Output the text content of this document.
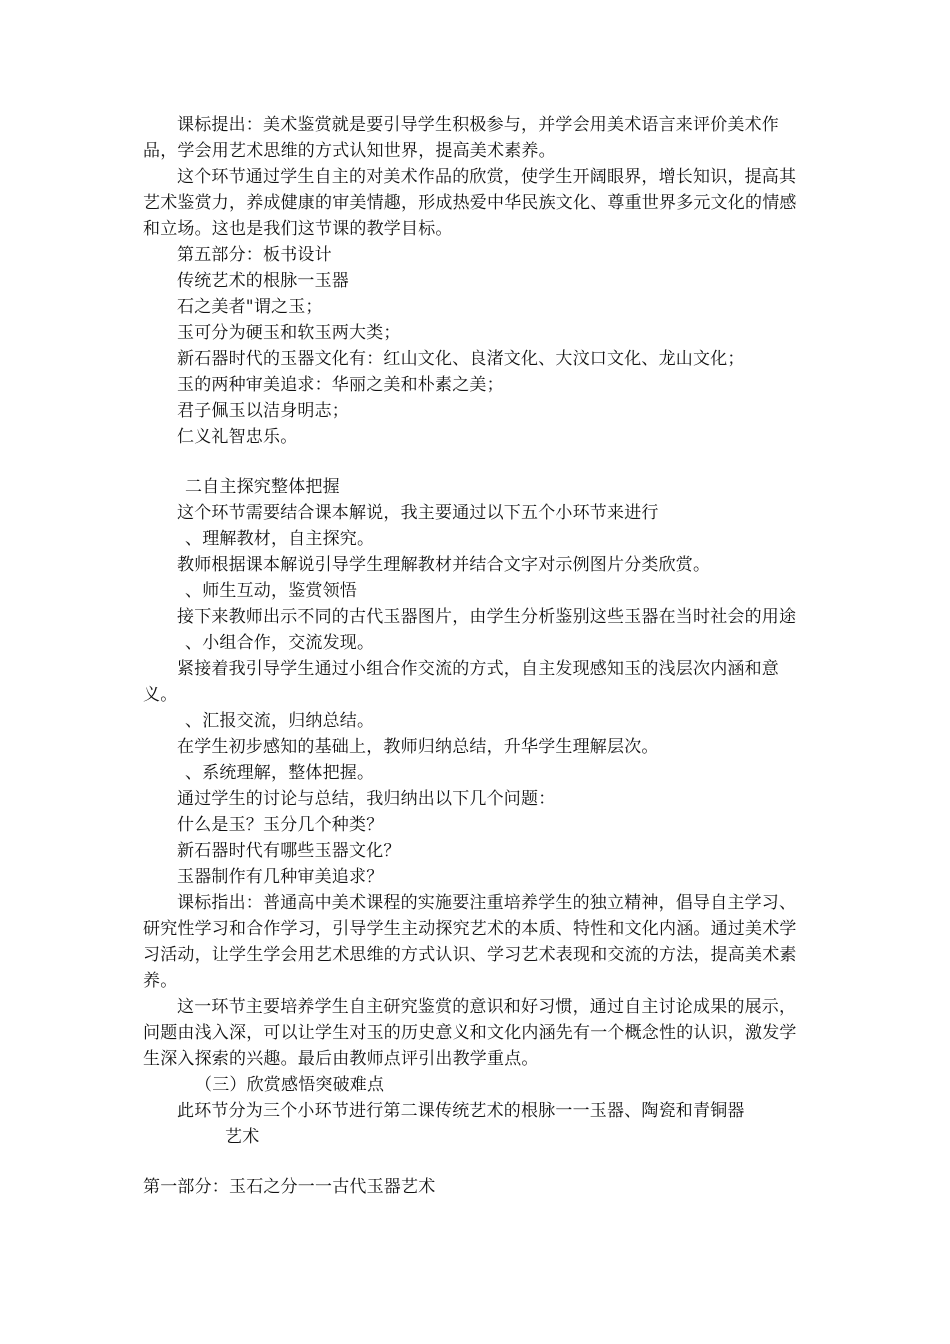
课标提出：美术鉴赏就是要引导学生积极参与，并学会用美术语言来评价美术作品，学会用艺术思维的方式认知世界，提高美术素养。

这个环节通过学生自主的对美术作品的欣赏，使学生开阔眼界，增长知识，提高其艺术鉴赏力，养成健康的审美情趣，形成热爱中华民族文化、尊重世界多元文化的情感和立场。这也是我们这节课的教学目标。

第五部分：板书设计

传统艺术的根脉一玉器

石之美者"谓之玉；

玉可分为硬玉和软玉两大类；

新石器时代的玉器文化有：红山文化、良渚文化、大汶口文化、龙山文化；

玉的两种审美追求：华丽之美和朴素之美；

君子佩玉以洁身明志；

仁义礼智忠乐。

二自主探究整体把握

这个环节需要结合课本解说，我主要通过以下五个小环节来进行

、理解教材，自主探究。

教师根据课本解说引导学生理解教材并结合文字对示例图片分类欣赏。

、师生互动，鉴赏领悟

接下来教师出示不同的古代玉器图片，由学生分析鉴别这些玉器在当时社会的用途

、小组合作，交流发现。

紧接着我引导学生通过小组合作交流的方式，自主发现感知玉的浅层次内涵和意义。

、汇报交流，归纳总结。

在学生初步感知的基础上，教师归纳总结，升华学生理解层次。

、系统理解，整体把握。

通过学生的讨论与总结，我归纳出以下几个问题：

什么是玉？玉分几个种类？

新石器时代有哪些玉器文化？

玉器制作有几种审美追求？

课标指出：普通高中美术课程的实施要注重培养学生的独立精神，倡导自主学习、研究性学习和合作学习，引导学生主动探究艺术的本质、特性和文化内涵。通过美术学习活动，让学生学会用艺术思维的方式认识、学习艺术表现和交流的方法，提高美术素养。

这一环节主要培养学生自主研究鉴赏的意识和好习惯，通过自主讨论成果的展示，问题由浅入深，可以让学生对玉的历史意义和文化内涵先有一个概念性的认识，激发学生深入探索的兴趣。最后由教师点评引出教学重点。

（三）欣赏感悟突破难点

此环节分为三个小环节进行第二课传统艺术的根脉一一玉器、陶瓷和青铜器

艺术

第一部分：玉石之分一一古代玉器艺术
